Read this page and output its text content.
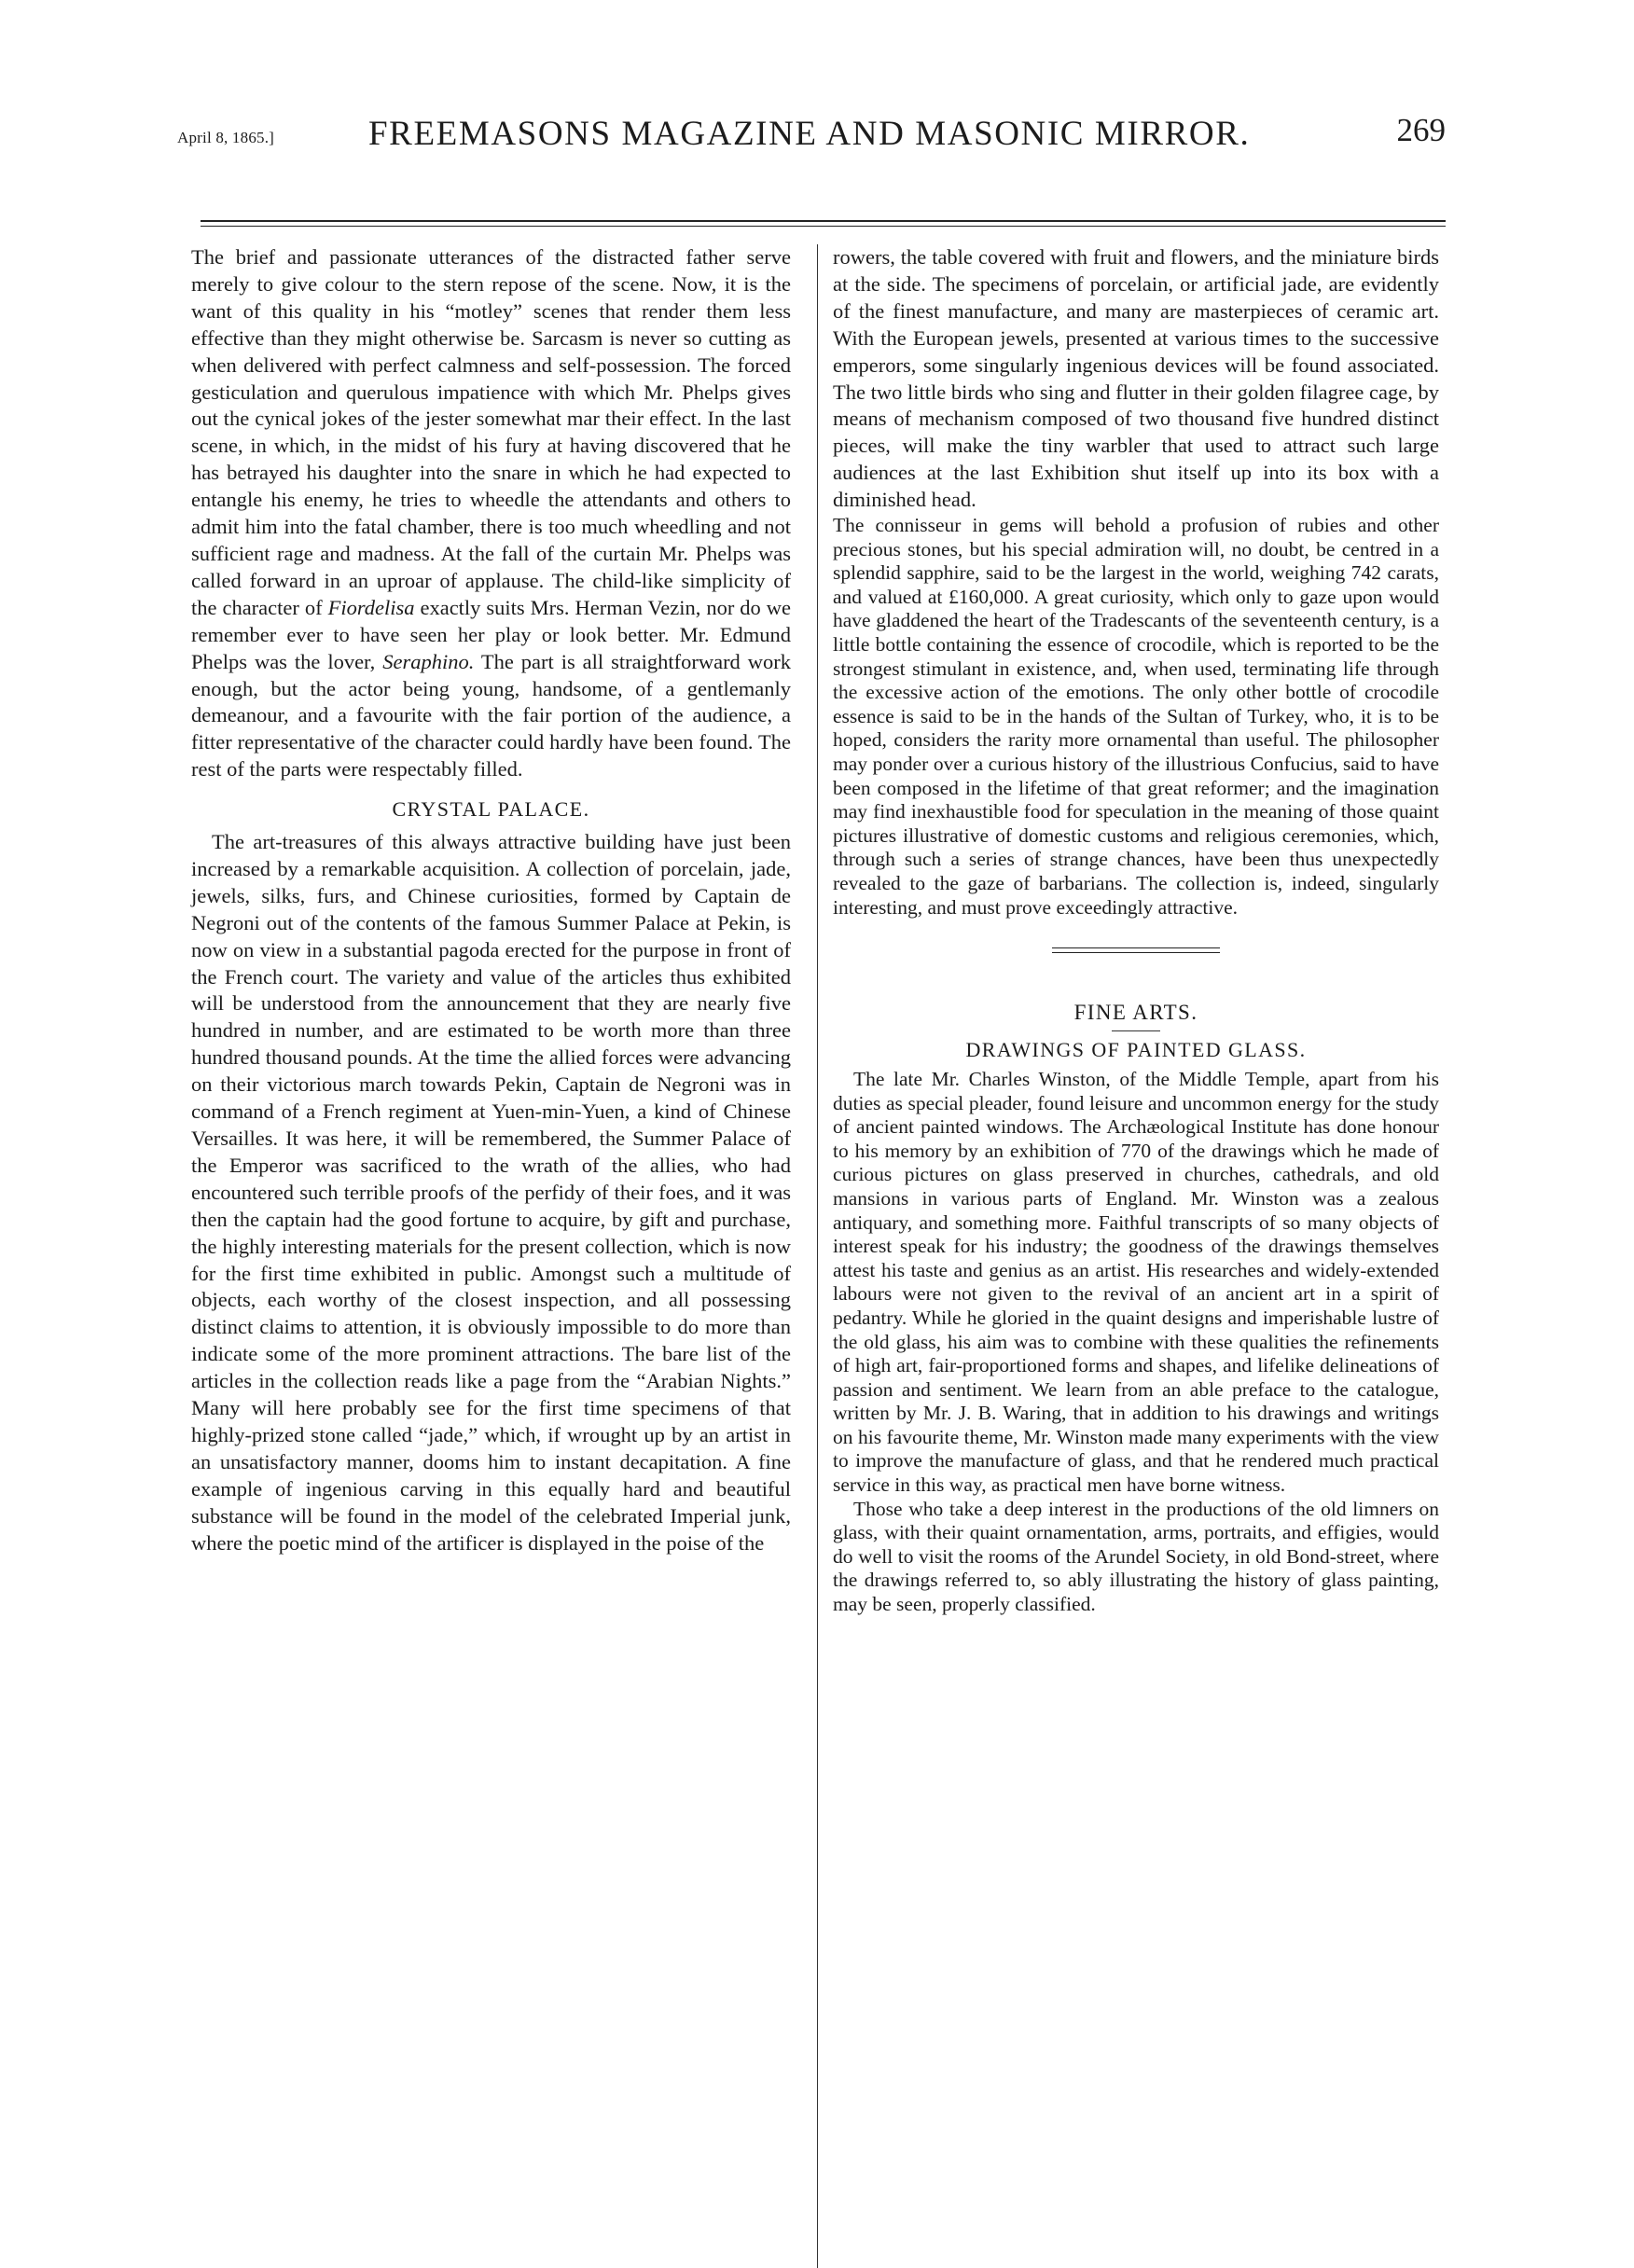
April 8, 1865.]	FREEMASONS MAGAZINE AND MASONIC MIRROR.	269

The brief and passionate utterances of the distracted father serve merely to give colour to the stern repose of the scene. Now, it is the want of this quality in his “motley” scenes that render them less effective than they might otherwise be. Sarcasm is never so cutting as when delivered with perfect calmness and self-possession. The forced gesticulation and querulous impatience with which Mr. Phelps gives out the cynical jokes of the jester somewhat mar their effect. In the last scene, in which, in the midst of his fury at having discovered that he has betrayed his daughter into the snare in which he had expected to entangle his enemy, he tries to wheedle the attendants and others to admit him into the fatal chamber, there is too much wheedling and not sufficient rage and madness. At the fall of the curtain Mr. Phelps was called forward in an uproar of applause. The child-like simplicity of the character of Fiordelisa exactly suits Mrs. Herman Vezin, nor do we remember ever to have seen her play or look better. Mr. Edmund Phelps was the lover, Seraphino. The part is all straightforward work enough, but the actor being young, handsome, of a gentlemanly demeanour, and a favourite with the fair portion of the audience, a fitter representative of the character could hardly have been found. The rest of the parts were respectably filled.

CRYSTAL PALACE.

The art-treasures of this always attractive building have just been increased by a remarkable acquisition. A collection of porcelain, jade, jewels, silks, furs, and Chinese curiosities, formed by Captain de Negroni out of the contents of the famous Summer Palace at Pekin, is now on view in a substantial pagoda erected for the purpose in front of the French court. The variety and value of the articles thus exhibited will be understood from the announcement that they are nearly five hundred in number, and are estimated to be worth more than three hundred thousand pounds. At the time the allied forces were advancing on their victorious march towards Pekin, Captain de Negroni was in command of a French regiment at Yuen-min-Yuen, a kind of Chinese Versailles. It was here, it will be remembered, the Summer Palace of the Emperor was sacrificed to the wrath of the allies, who had encountered such terrible proofs of the perfidy of their foes, and it was then the captain had the good fortune to acquire, by gift and purchase, the highly interesting materials for the present collection, which is now for the first time exhibited in public. Amongst such a multitude of objects, each worthy of the closest inspection, and all possessing distinct claims to attention, it is obviously impossible to do more than indicate some of the more prominent attractions. The bare list of the articles in the collection reads like a page from the “Arabian Nights.” Many will here probably see for the first time specimens of that highly-prized stone called “jade,” which, if wrought up by an artist in an unsatisfactory manner, dooms him to instant decapitation. A fine example of ingenious carving in this equally hard and beautiful substance will be found in the model of the celebrated Imperial junk, where the poetic mind of the artificer is displayed in the poise of the

rowers, the table covered with fruit and flowers, and the miniature birds at the side. The specimens of porcelain, or artificial jade, are evidently of the finest manufacture, and many are masterpieces of ceramic art. With the European jewels, presented at various times to the successive emperors, some singularly ingenious devices will be found associated. The two little birds who sing and flutter in their golden filagree cage, by means of mechanism composed of two thousand five hundred distinct pieces, will make the tiny warbler that used to attract such large audiences at the last Exhibition shut itself up into its box with a diminished head.

The connisseur in gems will behold a profusion of rubies and other precious stones, but his special admiration will, no doubt, be centred in a splendid sapphire, said to be the largest in the world, weighing 742 carats, and valued at £160,000. A great curiosity, which only to gaze upon would have gladdened the heart of the Tradescants of the seventeenth century, is a little bottle containing the essence of crocodile, which is reported to be the strongest stimulant in existence, and, when used, terminating life through the excessive action of the emotions. The only other bottle of crocodile essence is said to be in the hands of the Sultan of Turkey, who, it is to be hoped, considers the rarity more ornamental than useful. The philosopher may ponder over a curious history of the illustrious Confucius, said to have been composed in the lifetime of that great reformer; and the imagination may find inexhaustible food for speculation in the meaning of those quaint pictures illustrative of domestic customs and religious ceremonies, which, through such a series of strange chances, have been thus unexpectedly revealed to the gaze of barbarians. The collection is, indeed, singularly interesting, and must prove exceedingly attractive.

FINE ARTS.
DRAWINGS OF PAINTED GLASS.

The late Mr. Charles Winston, of the Middle Temple, apart from his duties as special pleader, found leisure and uncommon energy for the study of ancient painted windows. The Archæological Institute has done honour to his memory by an exhibition of 770 of the drawings which he made of curious pictures on glass preserved in churches, cathedrals, and old mansions in various parts of England. Mr. Winston was a zealous antiquary, and something more. Faithful transcripts of so many objects of interest speak for his industry; the goodness of the drawings themselves attest his taste and genius as an artist. His researches and widely-extended labours were not given to the revival of an ancient art in a spirit of pedantry. While he gloried in the quaint designs and imperishable lustre of the old glass, his aim was to combine with these qualities the refinements of high art, fair-proportioned forms and shapes, and lifelike delineations of passion and sentiment. We learn from an able preface to the catalogue, written by Mr. J. B. Waring, that in addition to his drawings and writings on his favourite theme, Mr. Winston made many experiments with the view to improve the manufacture of glass, and that he rendered much practical service in this way, as practical men have borne witness.

Those who take a deep interest in the productions of the old limners on glass, with their quaint ornamentation, arms, portraits, and effigies, would do well to visit the rooms of the Arundel Society, in old Bond-street, where the drawings referred to, so ably illustrating the history of glass painting, may be seen, properly classified.
